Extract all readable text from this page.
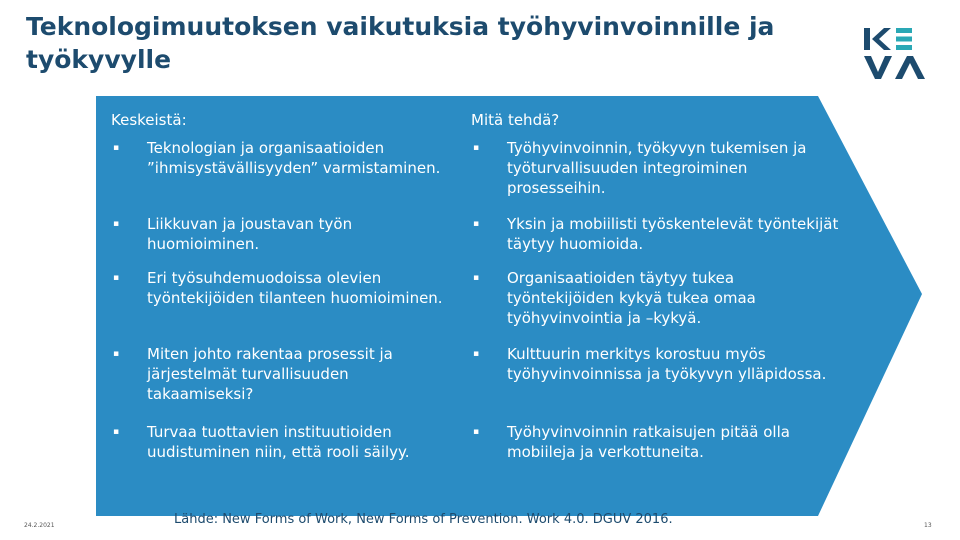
Teknologimuutoksen vaikutuksia työhyvinvoinnille ja työkyvylle
Keskeistä:
▪ Teknologian ja organisaatioiden ”ihmisystävällisyyden” varmistaminen.
▪ Liikkuvan ja joustavan työn huomioiminen.
▪ Eri työsuhdemuodoissa olevien työntekijöiden tilanteen huomioiminen.
▪ Miten johto rakentaa prosessit ja järjestelmät turvallisuuden takaamiseksi?
▪ Turvaa tuottavien instituutioiden uudistuminen niin, että rooli säilyy.
Mitä tehdä?
▪ Työhyvinvoinnin, työkyvyn tukemisen ja työturvallisuuden integroiminen prosesseihin.
▪ Yksin ja mobiilisti työskentelevät työntekijät täytyy huomioida.
▪ Organisaatioiden täytyy tukea työntekijöiden kykyä tukea omaa työhyvinvointia ja –kykyä.
▪ Kulttuurin merkitys korostuu myös työhyvinvoinnissa ja työkyvyn ylläpidossa.
▪ Työhyvinvoinnin ratkaisujen pitää olla mobiileja ja verkottuneita.
Lähde: New Forms of Work, New Forms of Prevention. Work 4.0. DGUV 2016.
24.2.2021	13
